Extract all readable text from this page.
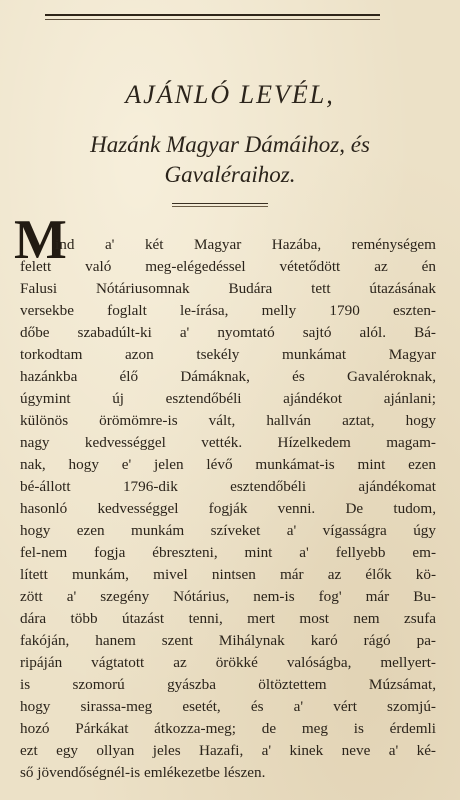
AJÁNLÓ LEVÉL,
Hazánk Magyar Dámáihoz, és
Gavaléraihoz.
M
ind a' két Magyar Hazába, reménységem
felett való meg-elégedéssel vétetődött az én
Falusi Nótáriusomnak Budára tett útazásának
versekbe foglalt le-írása, melly 1790 eszten-
dőbe szabadúlt-ki a' nyomtató sajtó alól. Bá-
torkodtam azon tsekély munkámat Magyar
hazánkba élő Dámáknak, és Gavaléroknak,
úgymint új esztendőbéli ajándékot ajánlani;
különös örömömre-is vált, hallván aztat, hogy
nagy kedvességgel vették. Hízelkedem magam-
nak, hogy e' jelen lévő munkámat-is mint ezen
bé-állott 1796-dik esztendőbéli ajándékomat
hasonló kedvességgel fogják venni. De tudom,
hogy ezen munkám szíveket a' vígasságra úgy
fel-nem fogja ébreszteni, mint a' fellyebb em-
lített munkám, mivel nintsen már az élők kö-
zött a' szegény Nótárius, nem-is fog' már Bu-
dára több útazást tenni, mert most nem zsufa
fakóján, hanem szent Mihálynak karó rágó pa-
ripáján vágtatott az örökké valóságba, mellyert-
is szomorú gyászba öltöztettem Múzsámat,
hogy sirassa-meg esetét, és a' vért szomjú-
hozó Párkákat átkozza-meg; de meg is érdemli
ezt egy ollyan jeles Hazafi, a' kinek neve a' ké-
ső jövendőségnél-is emlékezetbe lészen.
